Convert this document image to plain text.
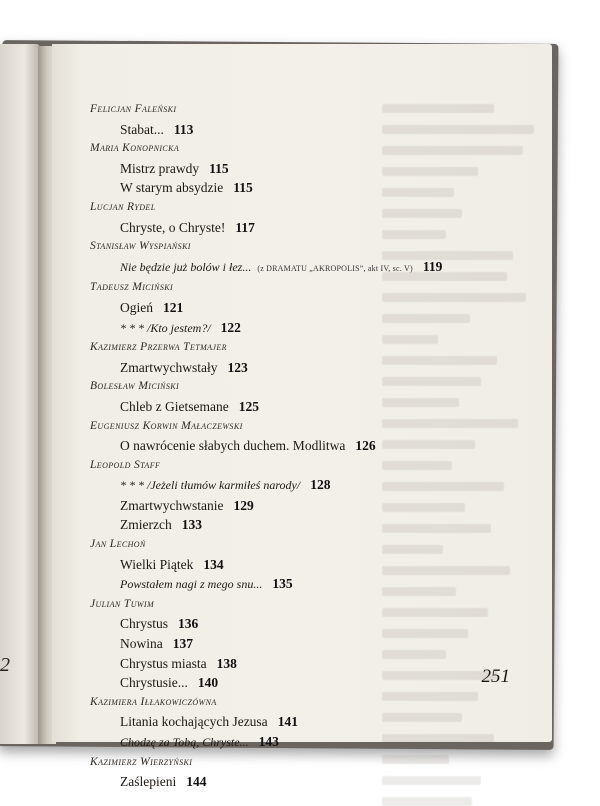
2
Felicjan Faleński
Stabat... 113
Maria Konopnicka
Mistrz prawdy 115
W starym absydzie 115
Lucjan Rydel
Chryste, o Chryste! 117
Stanisław Wyspiański
Nie będzie już bolów i łez... (z DRAMATU „AKROPOLIS”, akt IV, sc. V) 119
Tadeusz Miciński
Ogień 121
* * * /Kto jestem?/ 122
Kazimierz Przerwa Tetmajer
Zmartwychwstały 123
Bolesław Miciński
Chleb z Gietsemane 125
Eugeniusz Korwin Małaczewski
O nawrócenie słabych duchem. Modlitwa 126
Leopold Staff
* * * /Jeżeli tłumów karmiłeś narody/ 128
Zmartwychwstanie 129
Zmierzch 133
Jan Lechoń
Wielki Piątek 134
Powstałem nagi z mego snu... 135
Julian Tuwim
Chrystus 136
Nowina 137
Chrystus miasta 138
Chrystusie... 140
Kazimiera Iłłakowiczówna
Litania kochających Jezusa 141
Chodzę za Tobą, Chryste... 143
Kazimierz Wierzyński
Zaślepieni 144
251
